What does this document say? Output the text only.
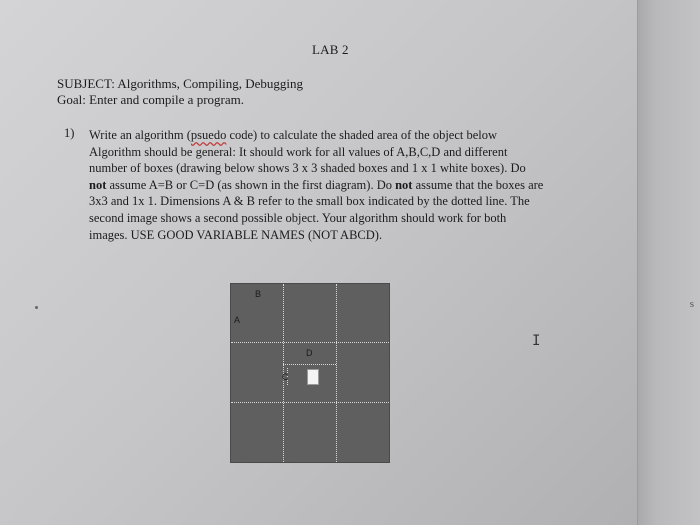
s
LAB 2
SUBJECT: Algorithms, Compiling, Debugging
Goal: Enter and compile a program.
1) Write an algorithm (psuedo code) to calculate the shaded area of the object below

Algorithm should be general: It should work for all values of A,B,C,D and different

number of boxes (drawing below shows 3 x 3 shaded boxes and 1 x 1 white boxes). Do

not assume A=B or C=D (as shown in the first diagram). Do not assume that the boxes are

3x3 and 1x 1. Dimensions A & B refer to the small box indicated by the dotted line. The

second image shows a second possible object. Your algorithm should work for both

images. USE GOOD VARIABLE NAMES (NOT ABCD).

B
A
D
C
I
